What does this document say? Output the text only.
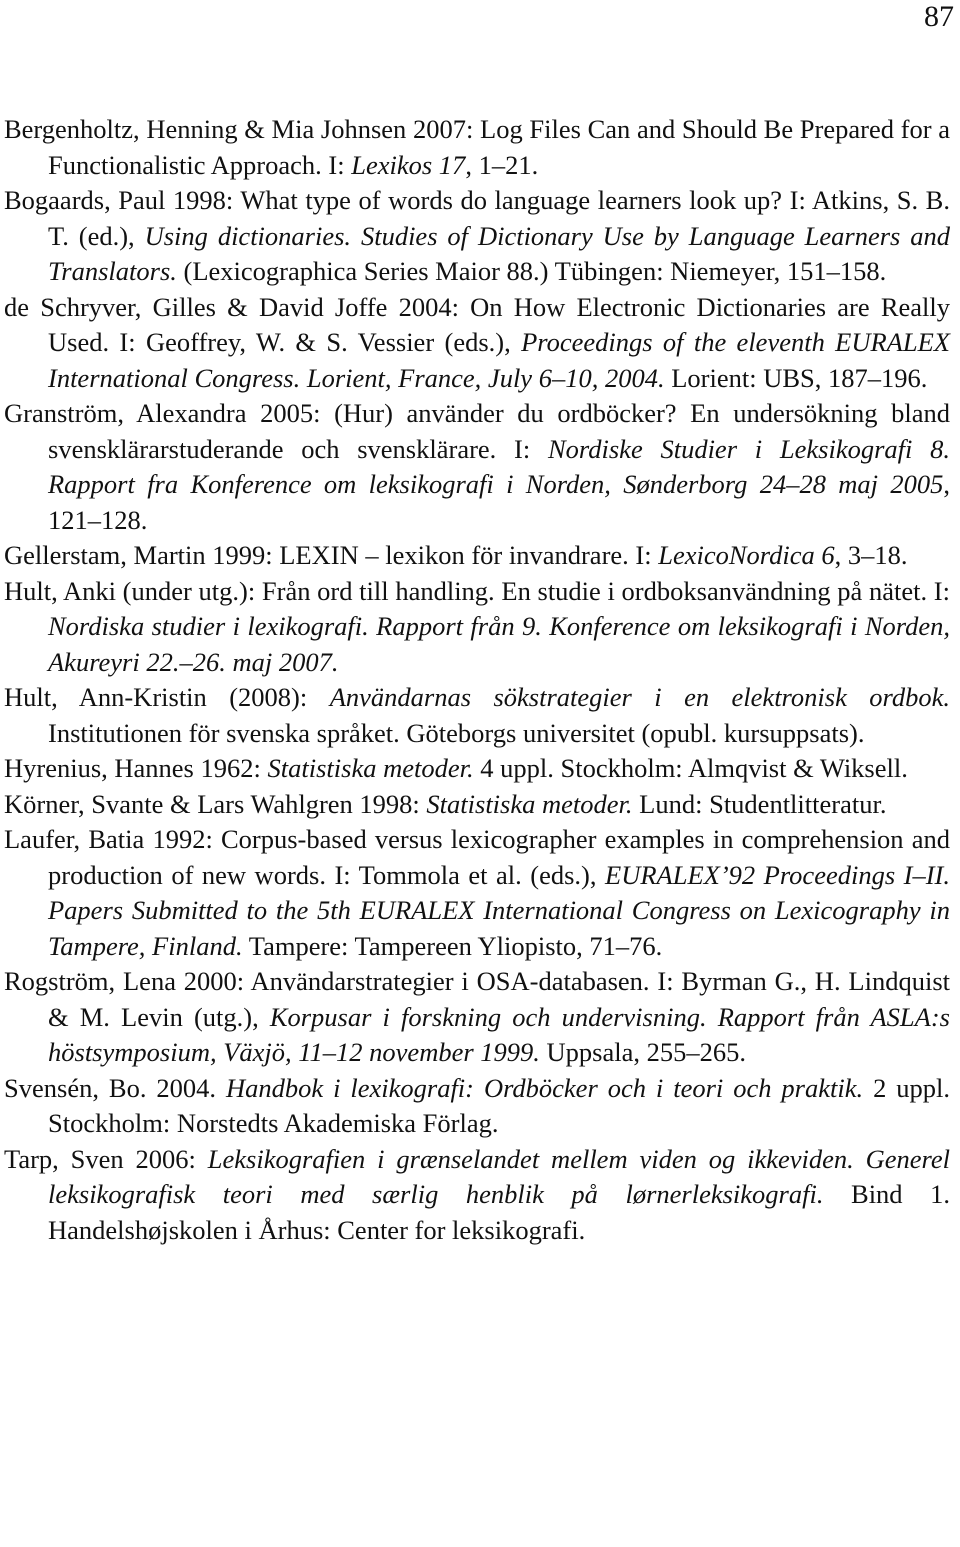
87
Bergenholtz, Henning & Mia Johnsen 2007: Log Files Can and Should Be Prepared for a Functionalistic Approach. I: Lexikos 17, 1–21.
Bogaards, Paul 1998: What type of words do language learners look up? I: Atkins, S. B. T. (ed.), Using dictionaries. Studies of Dictionary Use by Language Learners and Translators. (Lexicographica Series Maior 88.) Tübingen: Niemeyer, 151–158.
de Schryver, Gilles & David Joffe 2004: On How Electronic Dictionaries are Really Used. I: Geoffrey, W. & S. Vessier (eds.), Proceedings of the eleventh EURALEX International Congress. Lorient, France, July 6–10, 2004. Lorient: UBS, 187–196.
Granström, Alexandra 2005: (Hur) använder du ordböcker? En undersökning bland svensklärarstuderande och svensklärare. I: Nordiske Studier i Leksikografi 8. Rapport fra Konference om leksikografi i Norden, Sønderborg 24–28 maj 2005, 121–128.
Gellerstam, Martin 1999: LEXIN – lexikon för invandrare. I: LexicoNordica 6, 3–18.
Hult, Anki (under utg.): Från ord till handling. En studie i ordboksanvändning på nätet. I: Nordiska studier i lexikografi. Rapport från 9. Konference om leksikografi i Norden, Akureyri 22.–26. maj 2007.
Hult, Ann-Kristin (2008): Användarnas sökstrategier i en elektronisk ordbok. Institutionen för svenska språket. Göteborgs universitet (opubl. kursuppsats).
Hyrenius, Hannes 1962: Statistiska metoder. 4 uppl. Stockholm: Almqvist & Wiksell.
Körner, Svante & Lars Wahlgren 1998: Statistiska metoder. Lund: Studentlitteratur.
Laufer, Batia 1992: Corpus-based versus lexicographer examples in comprehension and production of new words. I: Tommola et al. (eds.), EURALEX’92 Proceedings I–II. Papers Submitted to the 5th EURALEX International Congress on Lexicography in Tampere, Finland. Tampere: Tampereen Yliopisto, 71–76.
Rogström, Lena 2000: Användarstrategier i OSA-databasen. I: Byrman G., H. Lindquist & M. Levin (utg.), Korpusar i forskning och undervisning. Rapport från ASLA:s höstsymposium, Växjö, 11–12 november 1999. Uppsala, 255–265.
Svensén, Bo. 2004. Handbok i lexikografi: Ordböcker och i teori och praktik. 2 uppl. Stockholm: Norstedts Akademiska Förlag.
Tarp, Sven 2006: Leksikografien i grænselandet mellem viden og ikkeviden. Generel leksikografisk teori med særlig henblik på lørnerleksikografi. Bind 1. Handelshøjskolen i Århus: Center for leksikografi.
